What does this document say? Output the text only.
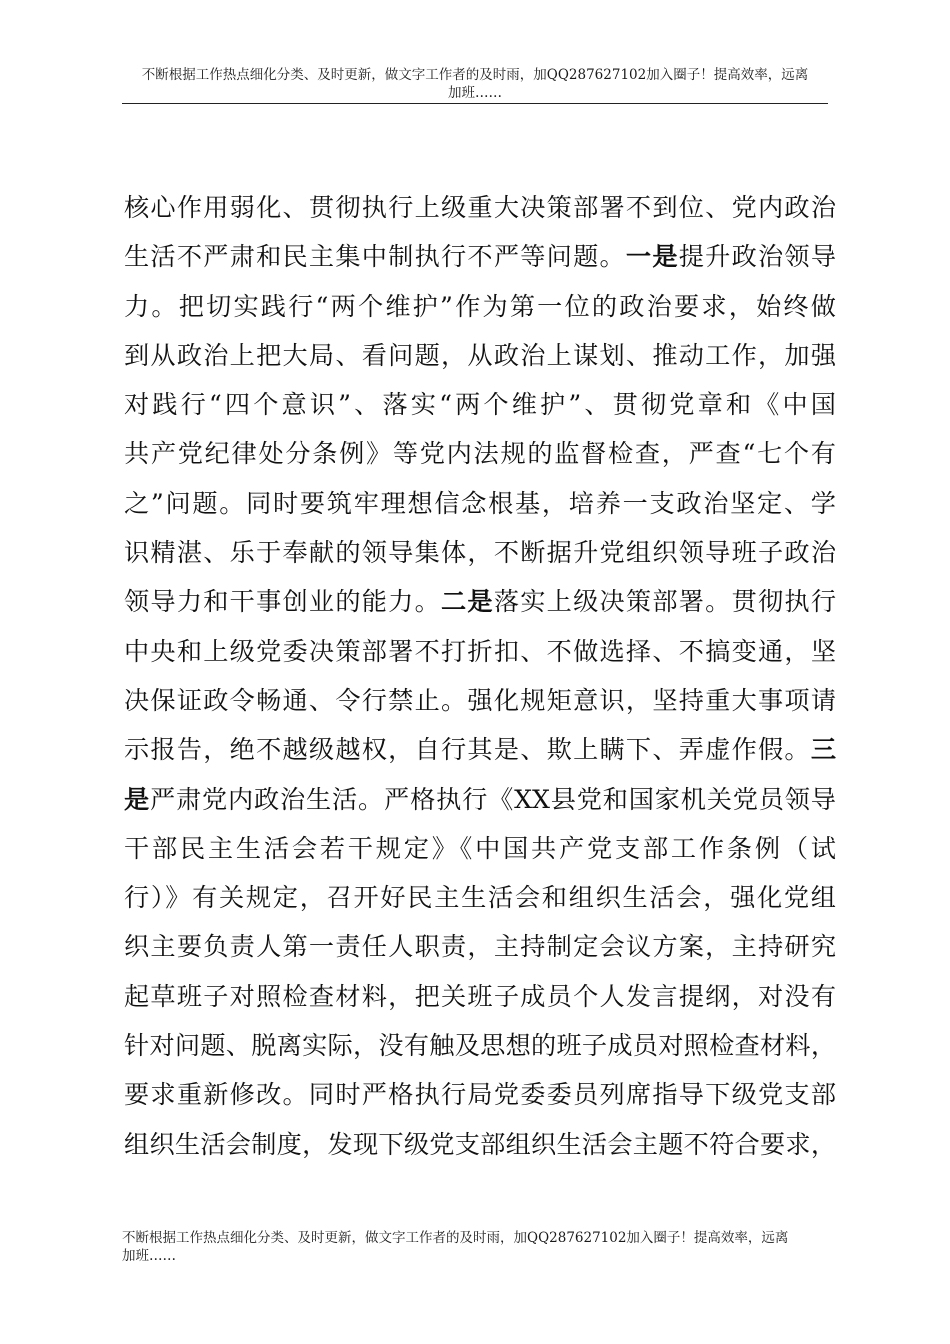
不断根据工作热点细化分类、及时更新，做文字工作者的及时雨，加QQ287627102加入圈子！提高效率，远离
加班……
核心作用弱化、贯彻执行上级重大决策部署不到位、党内政治
生活不严肃和民主集中制执行不严等问题。一是提升政治领导
力。把切实践行“两个维护”作为第一位的政治要求，始终做
到从政治上把大局、看问题，从政治上谋划、推动工作，加强
对践行“四个意识”、落实“两个维护”、贯彻党章和《中国
共产党纪律处分条例》等党内法规的监督检查，严查“七个有
之”问题。同时要筑牢理想信念根基，培养一支政治坚定、学
识精湛、乐于奉献的领导集体，不断据升党组织领导班子政治
领导力和干事创业的能力。二是落实上级决策部署。贯彻执行
中央和上级党委决策部署不打折扣、不做选择、不搞变通，坚
决保证政令畅通、令行禁止。强化规矩意识，坚持重大事项请
示报告，绝不越级越权，自行其是、欺上瞒下、弄虚作假。三
是严肃党内政治生活。严格执行《XX县党和国家机关党员领导
干部民主生活会若干规定》《中国共产党支部工作条例（试
行）》有关规定，召开好民主生活会和组织生活会，强化党组
织主要负责人第一责任人职责，主持制定会议方案，主持研究
起草班子对照检查材料，把关班子成员个人发言提纲，对没有
针对问题、脱离实际，没有触及思想的班子成员对照检查材料，
要求重新修改。同时严格执行局党委委员列席指导下级党支部
组织生活会制度，发现下级党支部组织生活会主题不符合要求，
不断根据工作热点细化分类、及时更新，做文字工作者的及时雨，加QQ287627102加入圈子！提高效率，远离
加班……
